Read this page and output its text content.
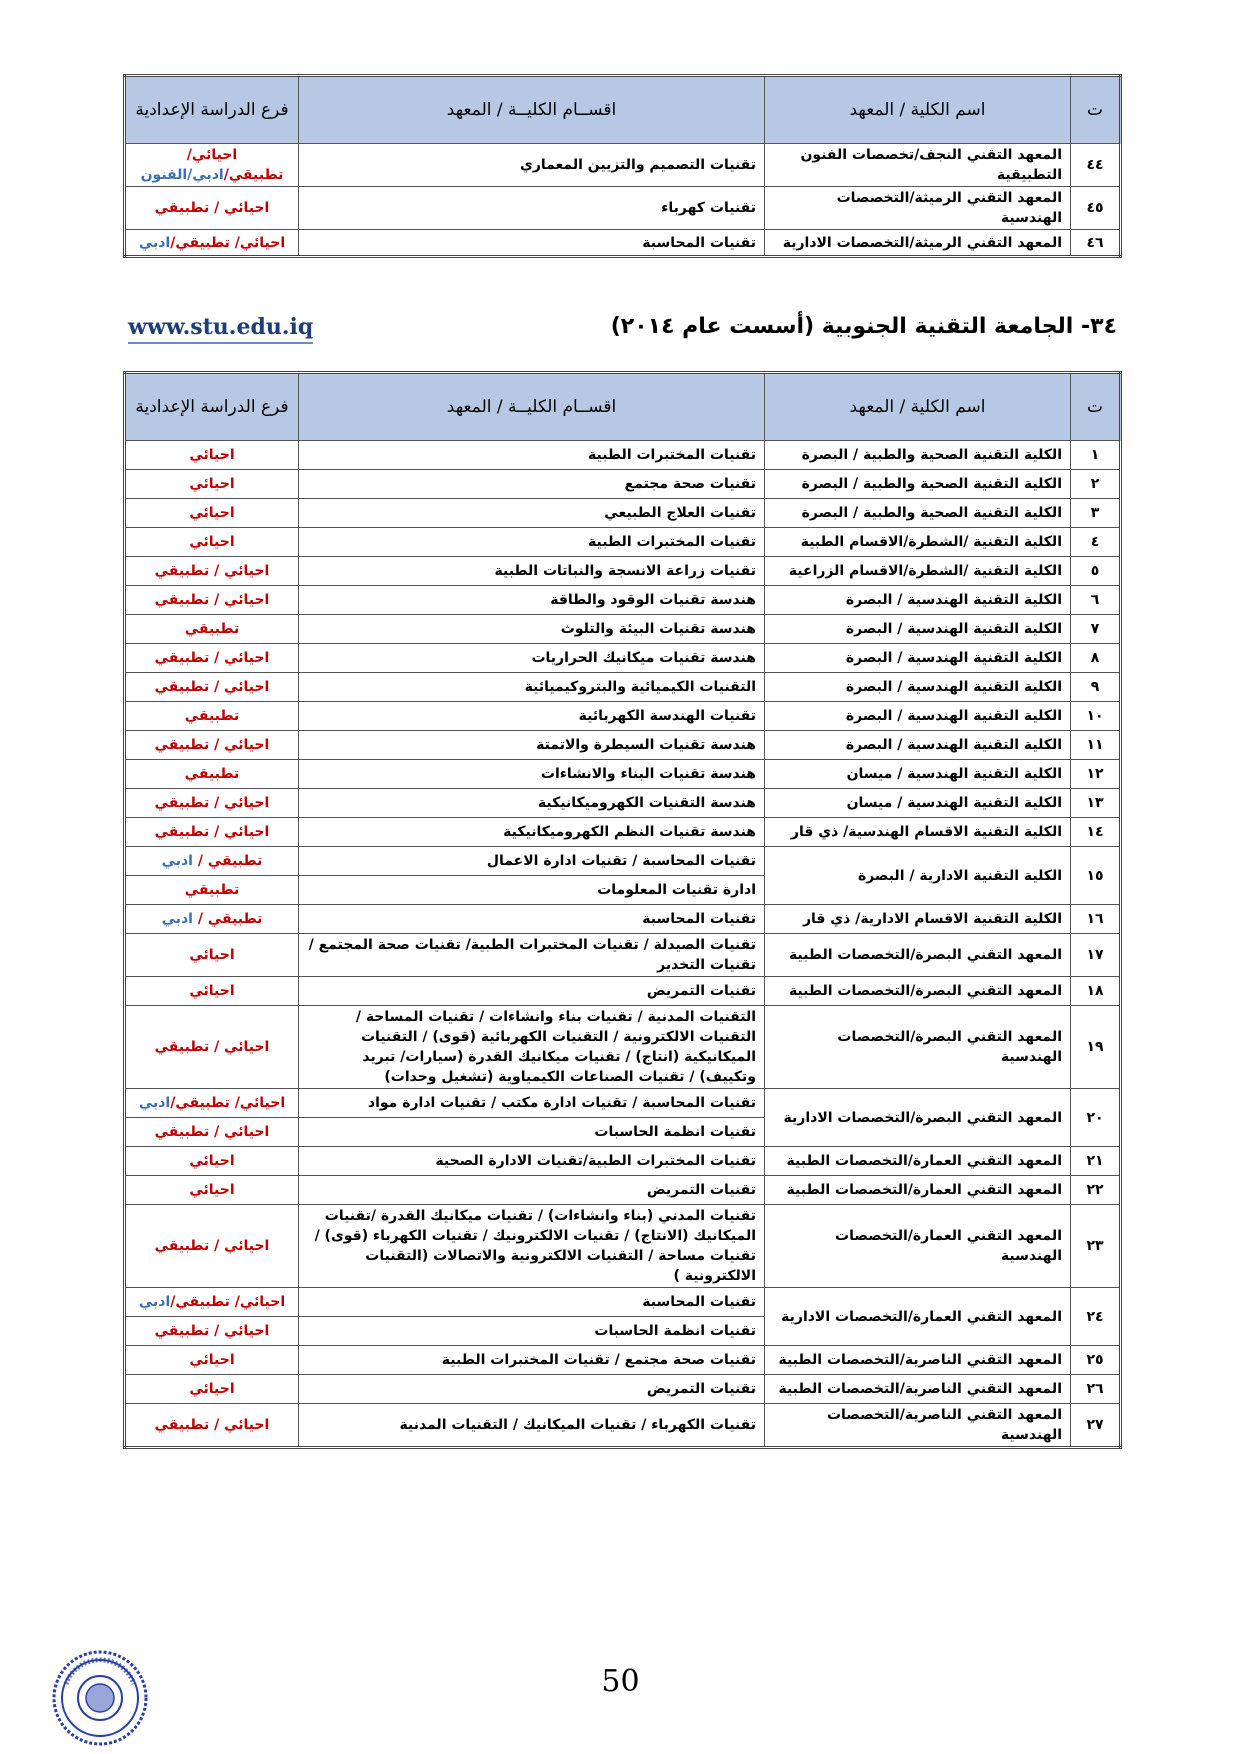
ت	اسم الكلية / المعهد	اقســام الكليــة / المعهد	فرع الدراسة الإعدادية
٤٤	المعهد التقني النجف/تخصصات الفنون التطبيقية	تقنيات التصميم والتزيين المعماري	احيائي/
تطبيقي/ادبي/الفنون

٤٥	المعهد التقني الرميثة/التخصصات الهندسية	تقنيات كهرباء	احيائي / تطبيقي

٤٦	المعهد التقني الرميثة/التخصصات الادارية	تقنيات المحاسبة	احيائي/ تطبيقي/ادبي
٣٤- الجامعة التقنية الجنوبية (أسست عام ٢٠١٤)
www.stu.edu.iq
ت	اسم الكلية / المعهد	اقســام الكليــة / المعهد	فرع الدراسة الإعدادية
١	الكلية التقنية الصحية والطبية / البصرة	تقنيات المختبرات الطبية	احيائي

٢	الكلية التقنية الصحية والطبية / البصرة	تقنيات صحة مجتمع	احيائي

٣	الكلية التقنية الصحية والطبية / البصرة	تقنيات العلاج الطبيعي	احيائي

٤	الكلية التقنية /الشطرة/الاقسام الطبية	تقنيات المختبرات الطبية	احيائي

٥	الكلية التقنية /الشطرة/الاقسام الزراعية	تقنيات زراعة الانسجة والنباتات الطبية	احيائي / تطبيقي

٦	الكلية التقنية الهندسية / البصرة	هندسة تقنيات الوقود والطاقة	احيائي / تطبيقي

٧	الكلية التقنية الهندسية / البصرة	هندسة تقنيات البيئة والتلوث	تطبيقي

٨	الكلية التقنية الهندسية / البصرة	هندسة تقنيات ميكانيك الحراريات	احيائي / تطبيقي

٩	الكلية التقنية الهندسية / البصرة	التقنيات الكيميائية والبتروكيميائية	احيائي / تطبيقي

١٠	الكلية التقنية الهندسية / البصرة	تقنيات الهندسة الكهربائية	تطبيقي

١١	الكلية التقنية الهندسية / البصرة	هندسة تقنيات السيطرة والاتمتة	احيائي / تطبيقي

١٢	الكلية التقنية الهندسية / ميسان	هندسة تقنيات البناء والانشاءات	تطبيقي

١٣	الكلية التقنية الهندسية / ميسان	هندسة التقنيات الكهروميكانيكية	احيائي / تطبيقي

١٤	الكلية التقنية الاقسام الهندسية/ ذي قار	هندسة تقنيات النظم الكهروميكانيكية	احيائي / تطبيقي

١٥	الكلية التقنية الادارية / البصرة	تقنيات المحاسبة / تقنيات ادارة الاعمال	تطبيقي / ادبي

		ادارة تقنيات المعلومات	تطبيقي
١٦	الكلية التقنية الاقسام الادارية/ ذي قار	تقنيات المحاسبة	تطبيقي / ادبي

١٧	المعهد التقني البصرة/التخصصات الطبية	تقنيات الصيدلة / تقنيات المختبرات الطبية/ تقنيات صحة المجتمع / تقنيات التخدير	احيائي

١٨	المعهد التقني البصرة/التخصصات الطبية	تقنيات التمريض	احيائي

١٩	المعهد التقني البصرة/التخصصات الهندسية	التقنيات المدنية / تقنيات بناء وانشاءات / تقنيات المساحة / التقنيات الالكترونية / التقنيات الكهربائية (قوى) / التقنيات الميكانيكية (انتاج) / تقنيات ميكانيك القدرة (سيارات/ تبريد وتكييف) / تقنيات الصناعات الكيمياوية (تشغيل وحدات)	احيائي / تطبيقي

٢٠	المعهد التقني البصرة/التخصصات الادارية	تقنيات المحاسبة / تقنيات ادارة مكتب / تقنيات ادارة مواد	احيائي/ تطبيقي/ادبي

		تقنيات انظمة الحاسبات	احيائي / تطبيقي
٢١	المعهد التقني العمارة/التخصصات الطبية	تقنيات المختبرات الطبية/تقنيات الادارة الصحية	احيائي

٢٢	المعهد التقني العمارة/التخصصات الطبية	تقنيات التمريض	احيائي

٢٣	المعهد التقني العمارة/التخصصات الهندسية	تقنيات المدني (بناء وانشاءات) / تقنيات ميكانيك القدرة /تقنيات الميكانيك (الانتاج) / تقنيات الالكترونيك / تقنيات الكهرباء (قوى) / تقنيات مساحة / التقنيات الالكترونية والاتصالات (التقنيات الالكترونية )	احيائي / تطبيقي

٢٤	المعهد التقني العمارة/التخصصات الادارية	تقنيات المحاسبة	احيائي/ تطبيقي/ادبي

		تقنيات انظمة الحاسبات	احيائي / تطبيقي
٢٥	المعهد التقني الناصرية/التخصصات الطبية	تقنيات صحة مجتمع / تقنيات المختبرات الطبية	احيائي

٢٦	المعهد التقني الناصرية/التخصصات الطبية	تقنيات التمريض	احيائي

٢٧	المعهد التقني الناصرية/التخصصات الهندسية	تقنيات الكهرباء / تقنيات الميكانيك / التقنيات المدنية	احيائي / تطبيقي
50
